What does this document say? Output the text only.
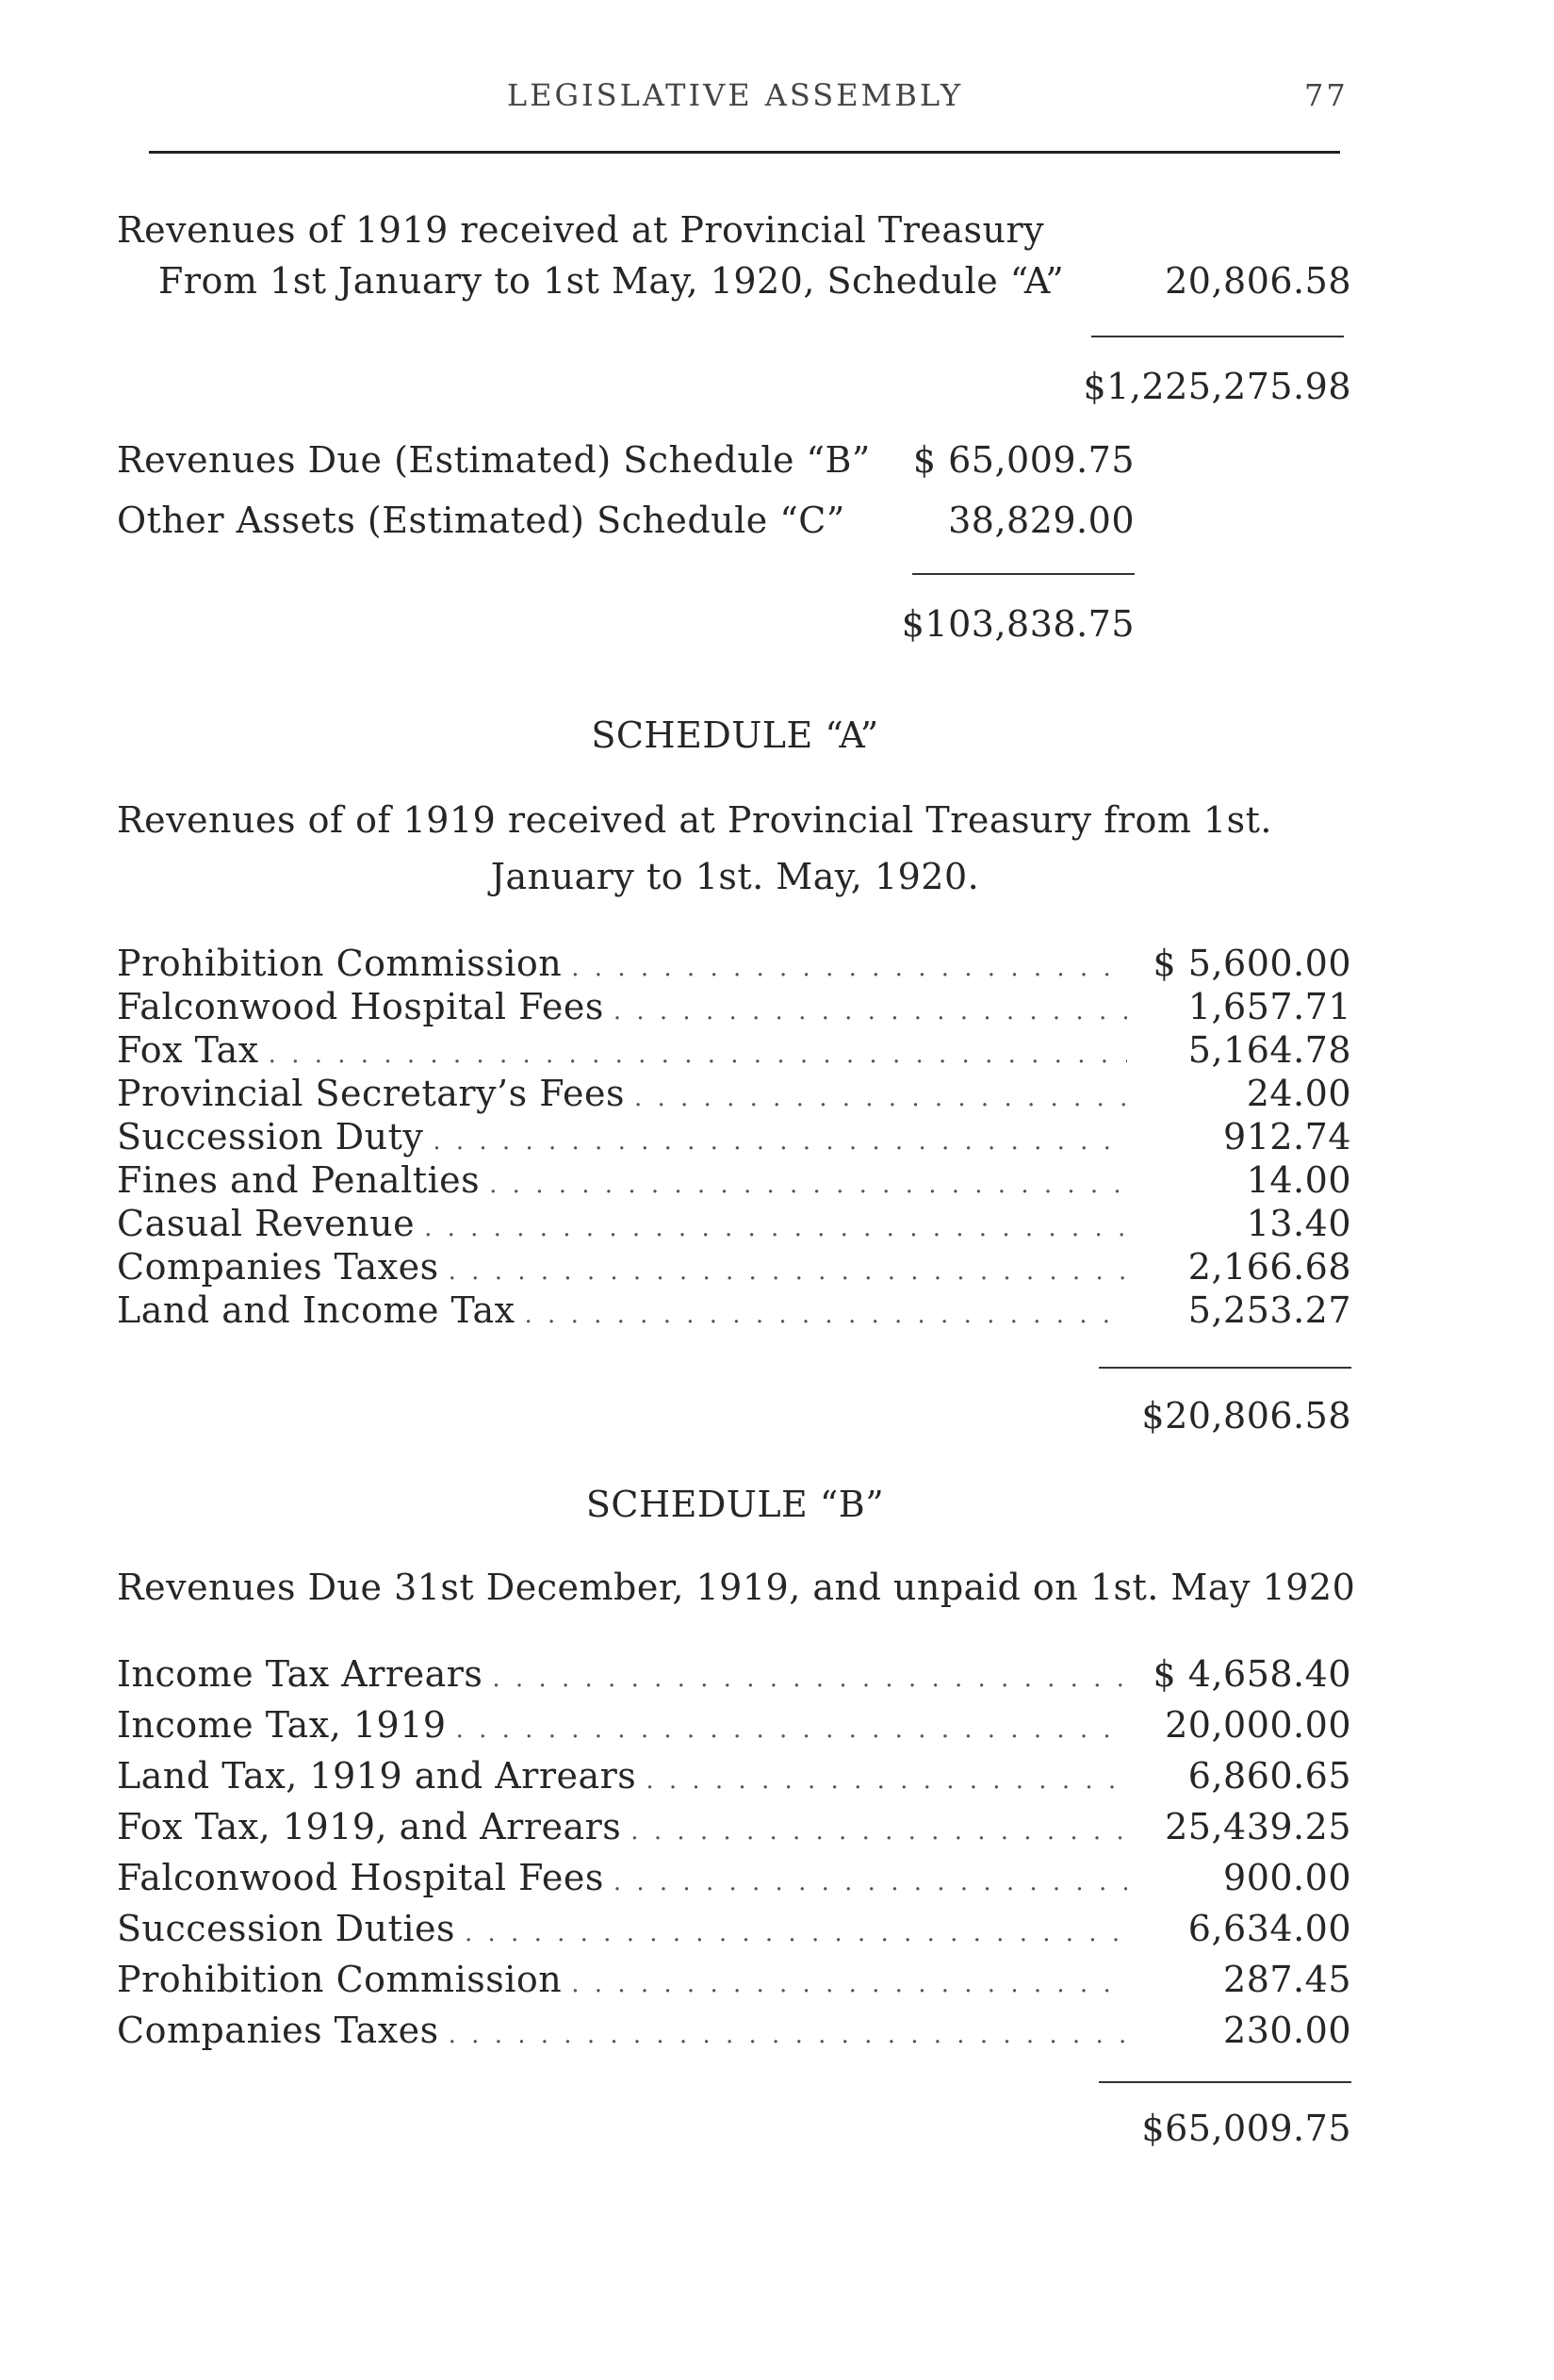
LEGISLATIVE ASSEMBLY	77
Revenues of 1919 received at Provincial Treasury
From 1st January to 1st May, 1920, Schedule “A”	20,806.58
$1,225,275.98
Revenues Due (Estimated) Schedule “B” $ 65,009.75
Other Assets (Estimated) Schedule “C”	38,829.00
$103,838.75
SCHEDULE “A”
Revenues of of 1919 received at Provincial Treasury from 1st.
January to 1st. May, 1920.
Prohibition Commission . . .	$ 5,600.00
Falconwood Hospital Fees . . .	1,657.71
Fox Tax . . .	5,164.78
Provincial Secretary’s Fees . . .	24.00
Succession Duty . . .	912.74
Fines and Penalties . . .	14.00
Casual Revenue . . .	13.40
Companies Taxes . . .	2,166.68
Land and Income Tax . . .	5,253.27
$20,806.58
SCHEDULE “B”
Revenues Due 31st December, 1919, and unpaid on 1st. May 1920
Income Tax Arrears . . .	$ 4,658.40
Income Tax, 1919 . . .	20,000.00
Land Tax, 1919 and Arrears . . .	6,860.65
Fox Tax, 1919, and Arrears . . .	25,439.25
Falconwood Hospital Fees . . .	900.00
Succession Duties . . .	6,634.00
Prohibition Commission . . .	287.45
Companies Taxes . . .	230.00
$65,009.75
